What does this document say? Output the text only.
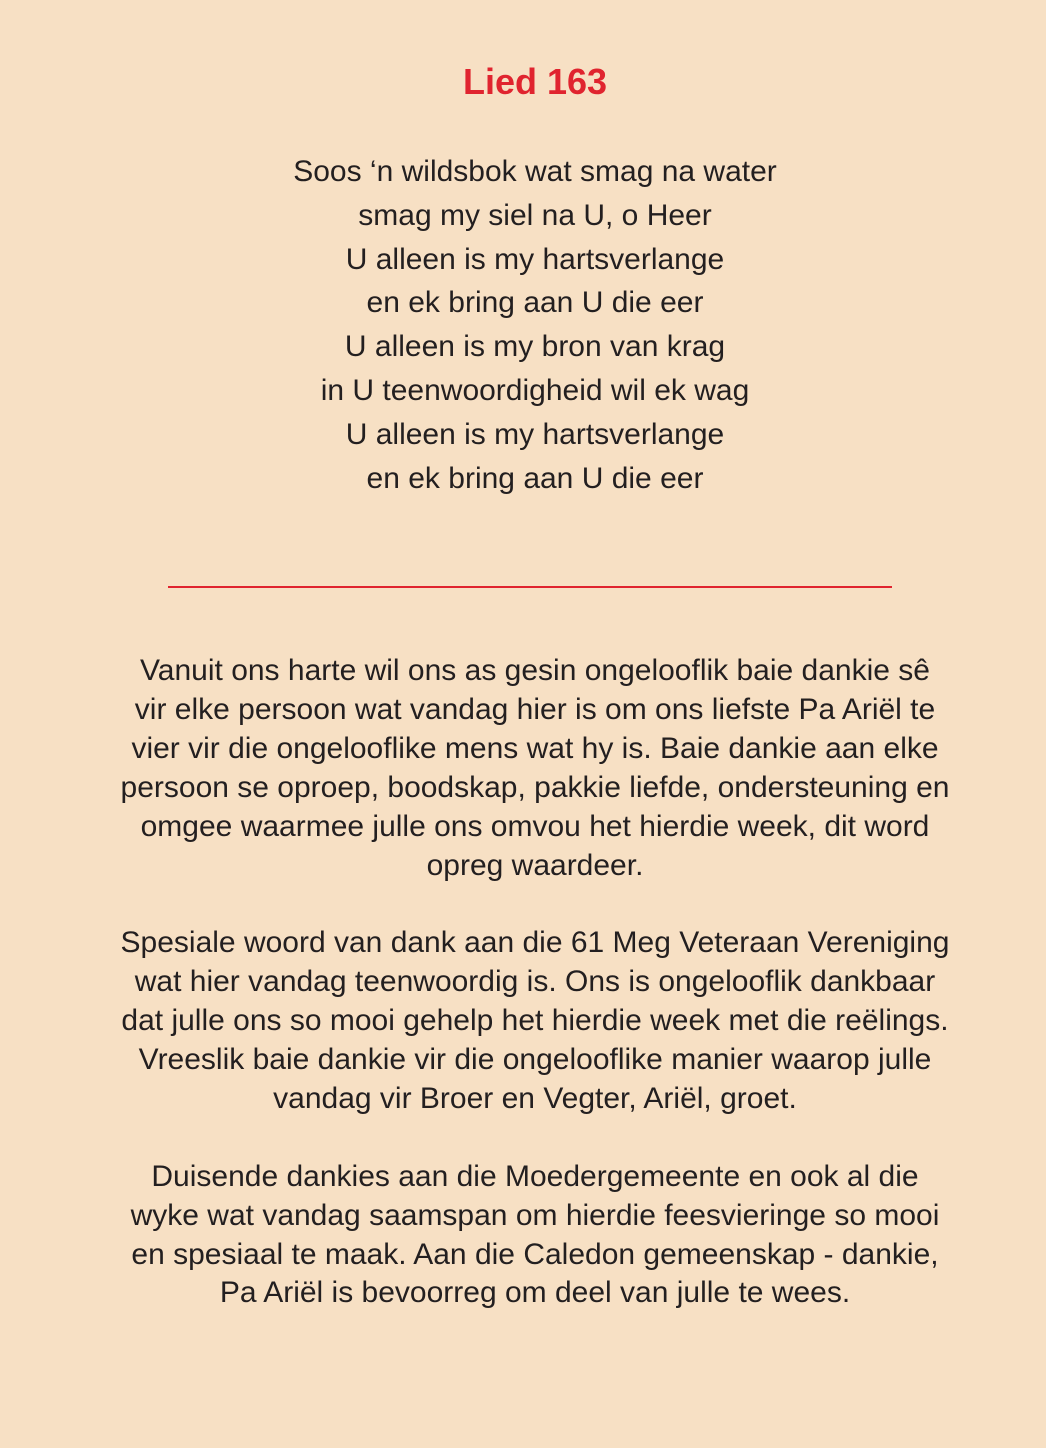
Lied 163
Soos ‘n wildsbok wat smag na water
smag my siel na U, o Heer
U alleen is my hartsverlange
en ek bring aan U die eer
U alleen is my bron van krag
in U teenwoordigheid wil ek wag
U alleen is my hartsverlange
en ek bring aan U die eer

Vanuit ons harte wil ons as gesin ongelooflik baie dankie sê
vir elke persoon wat vandag hier is om ons liefste Pa Ariël te
vier vir die ongelooflike mens wat hy is. Baie dankie aan elke
persoon se oproep, boodskap, pakkie liefde, ondersteuning en
omgee waarmee julle ons omvou het hierdie week, dit word
opreg waardeer.

Spesiale woord van dank aan die 61 Meg Veteraan Vereniging
wat hier vandag teenwoordig is. Ons is ongelooflik dankbaar
dat julle ons so mooi gehelp het hierdie week met die reëlings.
Vreeslik baie dankie vir die ongelooflike manier waarop julle
vandag vir Broer en Vegter, Ariël, groet.

Duisende dankies aan die Moedergemeente en ook al die
wyke wat vandag saamspan om hierdie feesvieringe so mooi
en spesiaal te maak. Aan die Caledon gemeenskap - dankie,
Pa Ariël is bevoorreg om deel van julle te wees.
